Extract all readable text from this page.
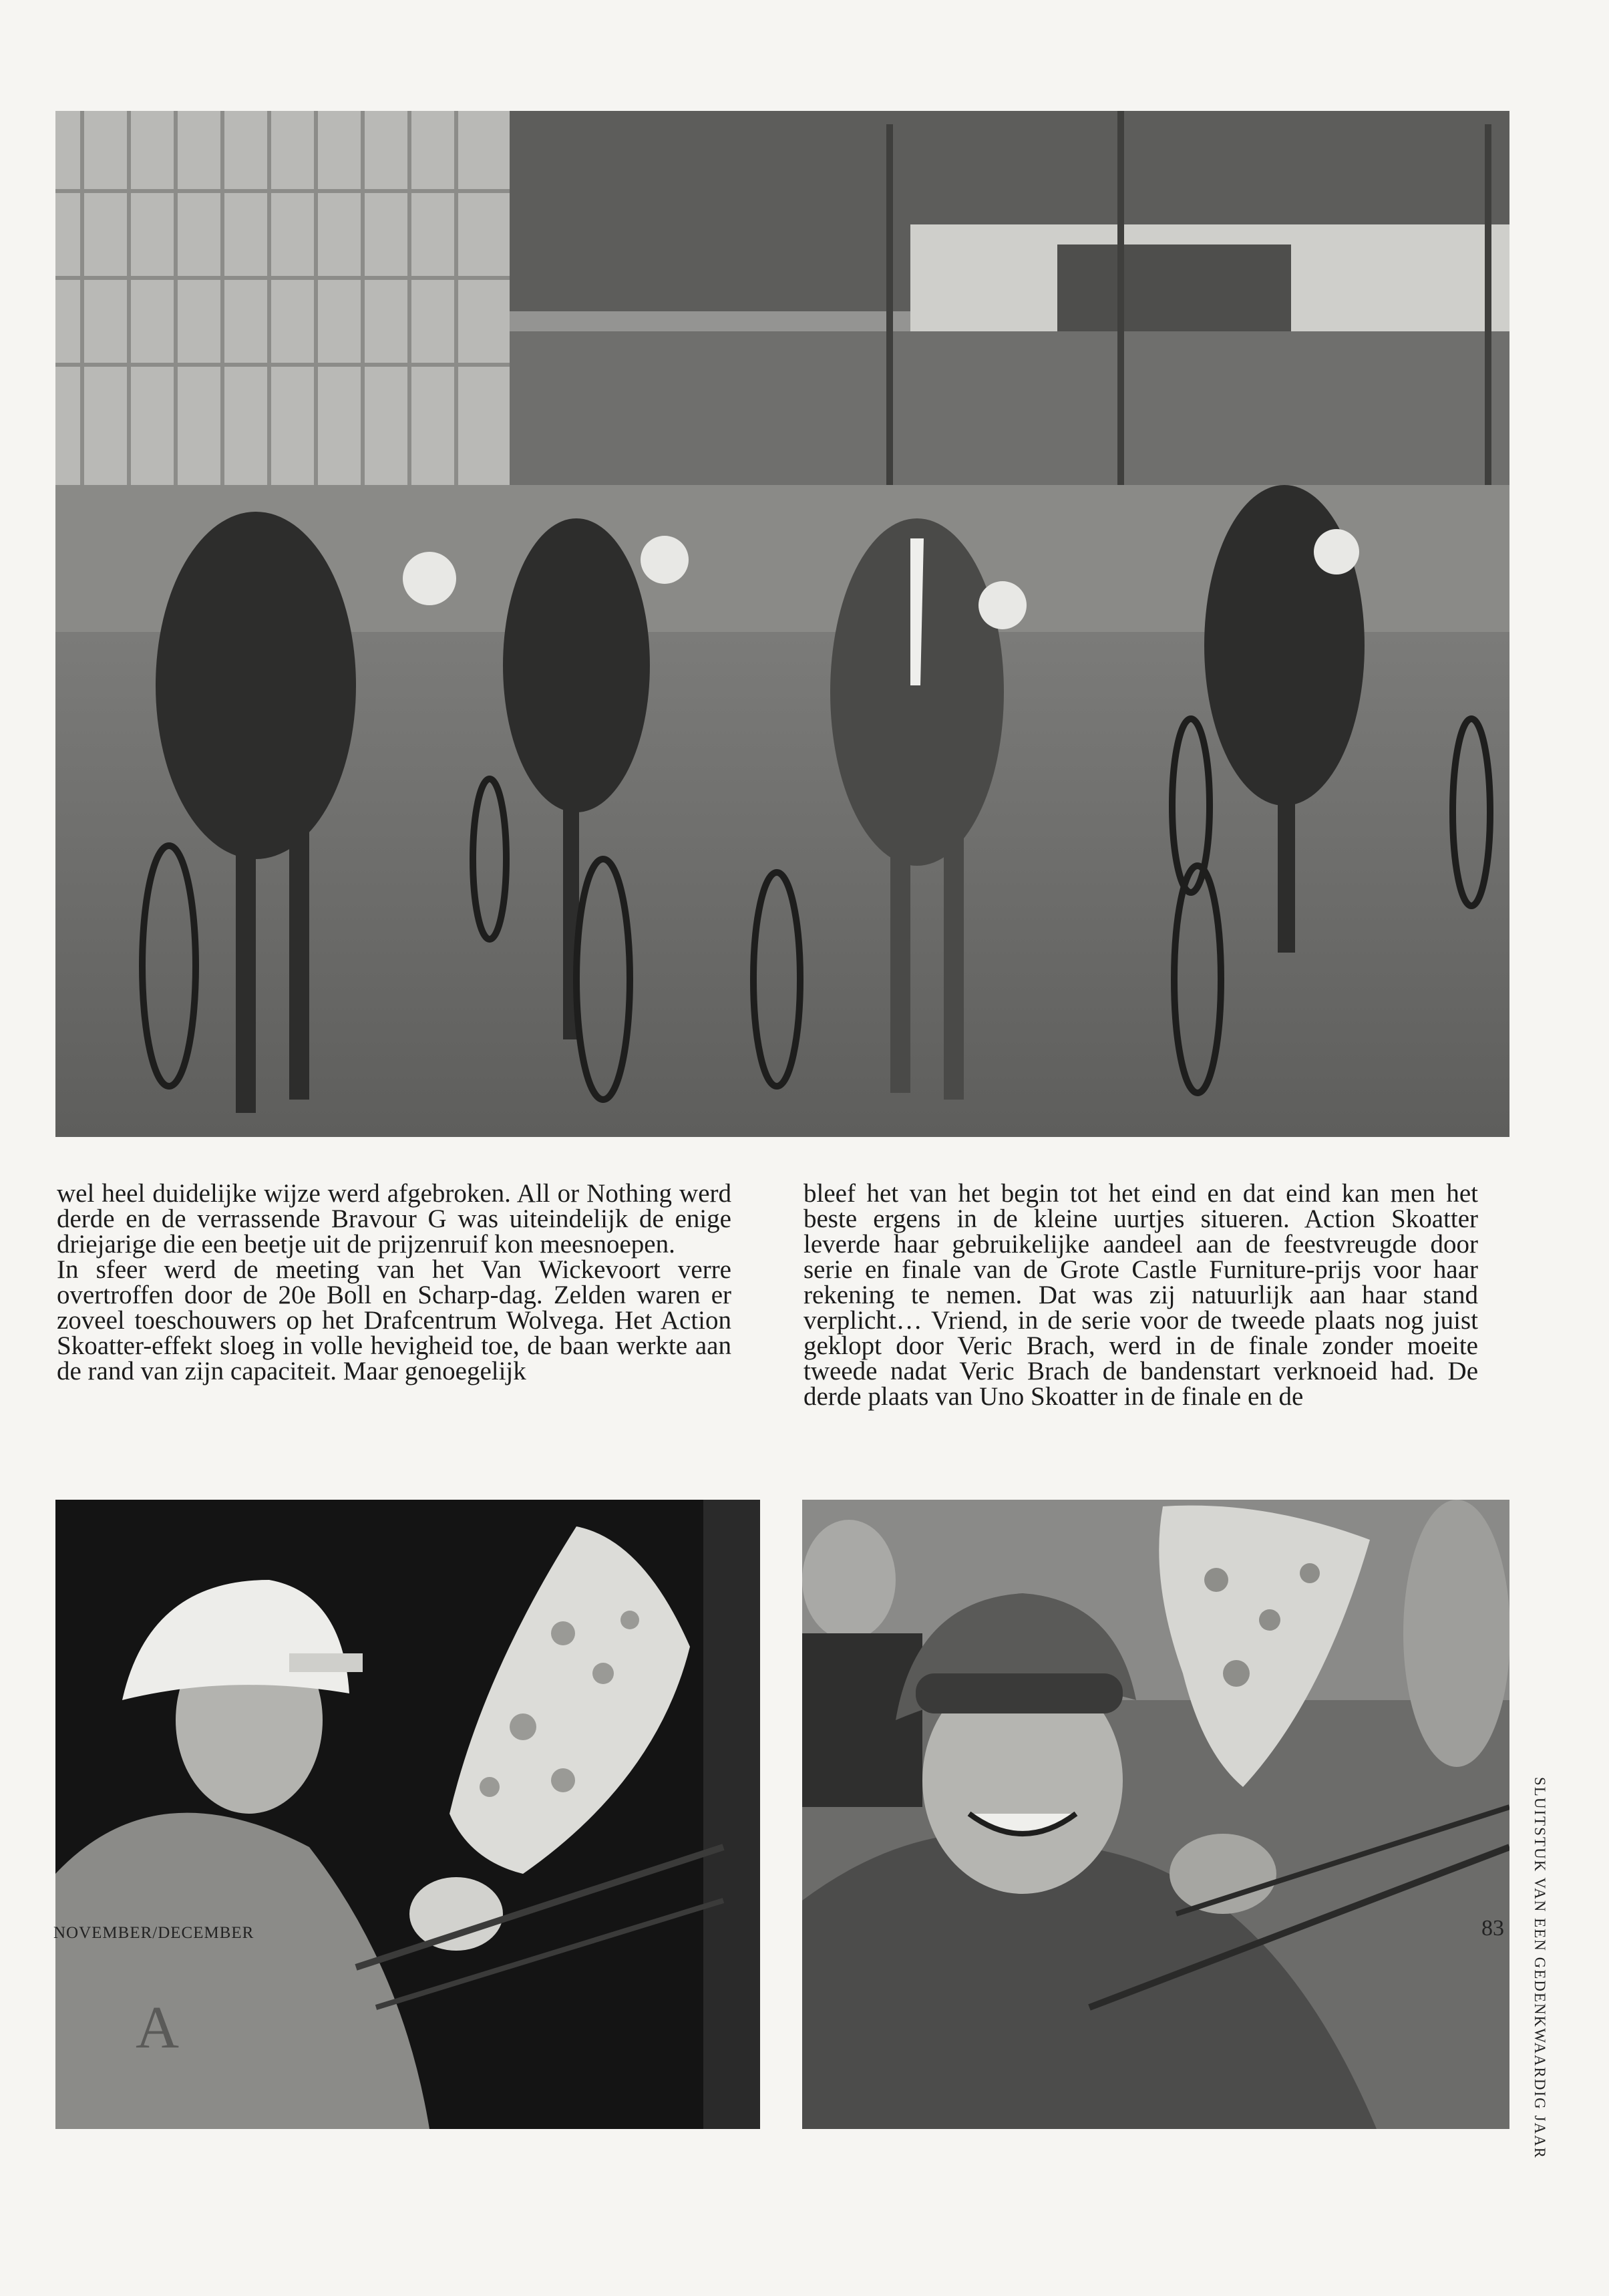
wel heel duidelijke wijze werd afgebroken. All or Nothing werd derde en de verrassende Bravour G was uiteindelijk de enige driejarige die een beetje uit de prijzenruif kon meesnoepen.

In sfeer werd de meeting van het Van Wickevoort verre overtroffen door de 20e Boll en Scharp-dag. Zelden waren er zoveel toeschouwers op het Drafcentrum Wolvega. Het Action Skoatter-effekt sloeg in volle hevigheid toe, de baan werkte aan de rand van zijn capaciteit. Maar genoegelijk

bleef het van het begin tot het eind en dat eind kan men het beste ergens in de kleine uurtjes situeren. Action Skoatter leverde haar gebruikelijke aandeel aan de feestvreugde door serie en finale van de Grote Castle Furniture-prijs voor haar rekening te nemen. Dat was zij natuurlijk aan haar stand verplicht… Vriend, in de serie voor de tweede plaats nog juist geklopt door Veric Brach, werd in de finale zonder moeite tweede nadat Veric Brach de bandenstart verknoeid had. De derde plaats van Uno Skoatter in de finale en de

A	SLUITSTUK VAN EEN GEDENKWAARDIG JAAR
NOVEMBER/DECEMBER	83
